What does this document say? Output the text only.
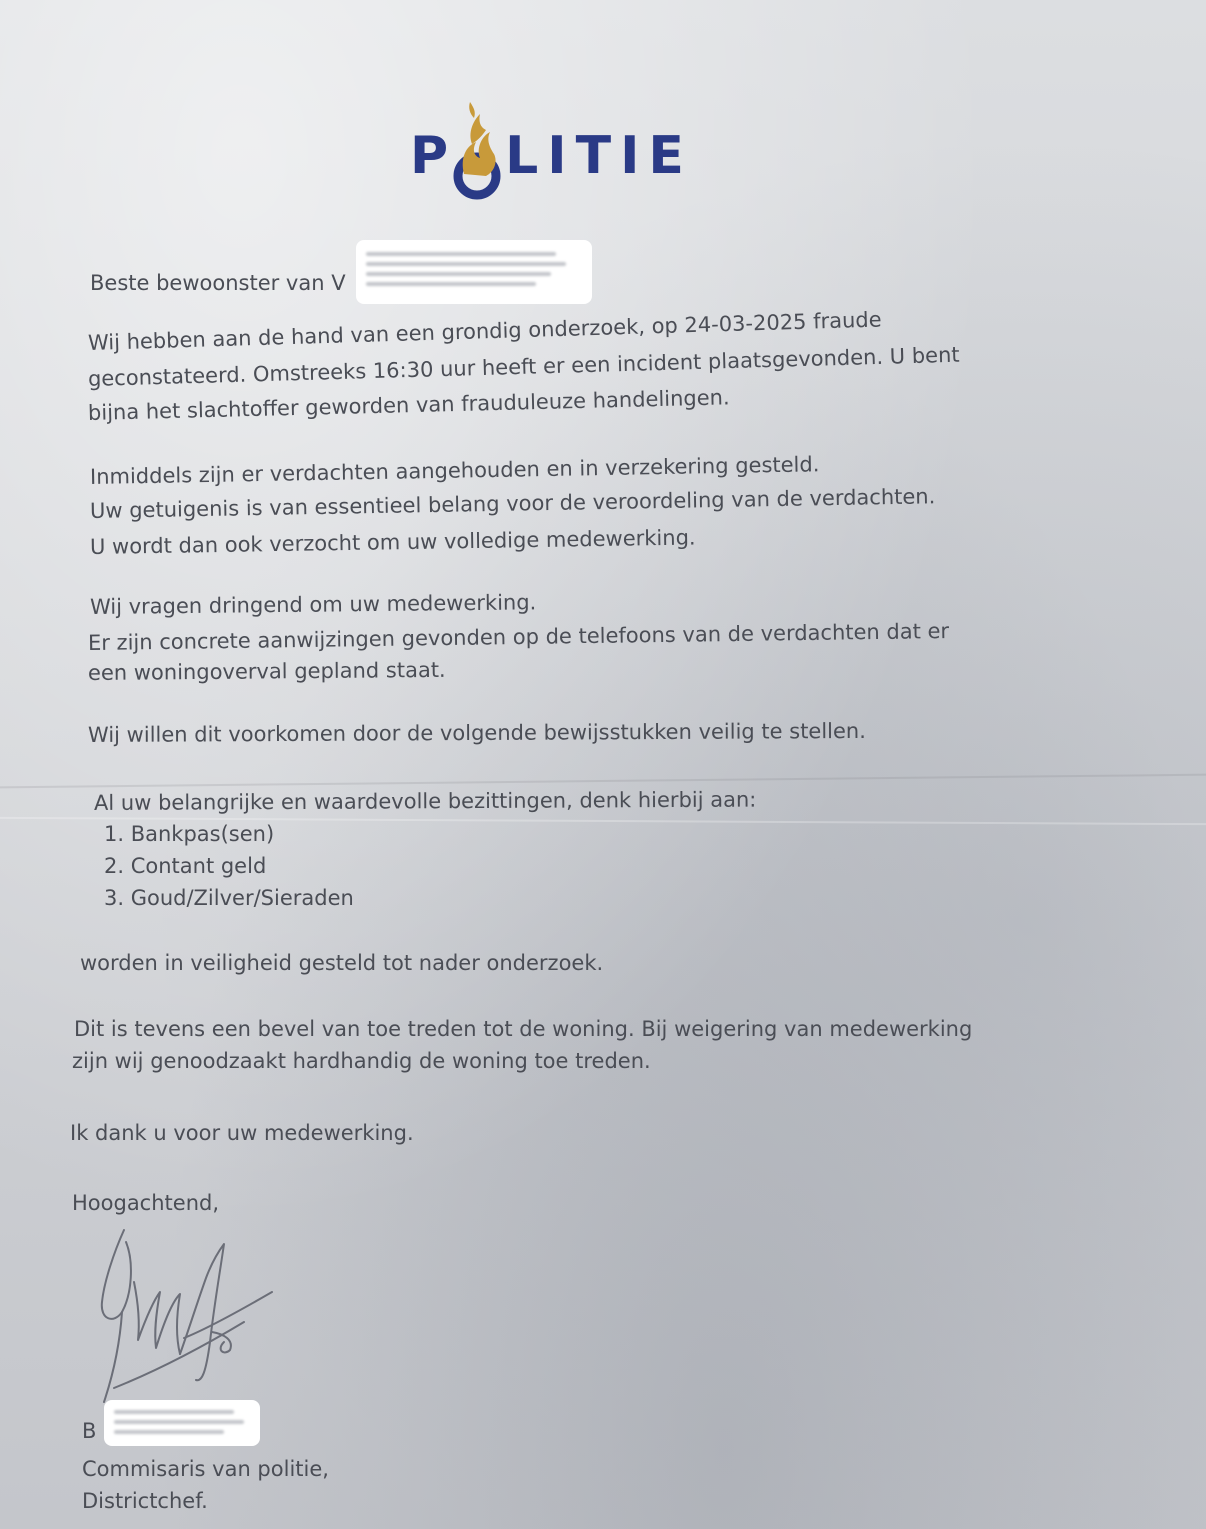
P LITIE

Beste bewoonster van V

Wij hebben aan de hand van een grondig onderzoek, op 24-03-2025 fraude

geconstateerd. Omstreeks 16:30 uur heeft er een incident plaatsgevonden. U bent

bijna het slachtoffer geworden van frauduleuze handelingen.

Inmiddels zijn er verdachten aangehouden en in verzekering gesteld.

Uw getuigenis is van essentieel belang voor de veroordeling van de verdachten.

U wordt dan ook verzocht om uw volledige medewerking.

Wij vragen dringend om uw medewerking.

Er zijn concrete aanwijzingen gevonden op de telefoons van de verdachten dat er

een woningoverval gepland staat.

Wij willen dit voorkomen door de volgende bewijsstukken veilig te stellen.

Al uw belangrijke en waardevolle bezittingen, denk hierbij aan:

1. Bankpas(sen)
2. Contant geld
3. Goud/Zilver/Sieraden

worden in veiligheid gesteld tot nader onderzoek.

Dit is tevens een bevel van toe treden tot de woning. Bij weigering van medewerking

zijn wij genoodzaakt hardhandig de woning toe treden.

Ik dank u voor uw medewerking.

Hoogachtend,

B

Commisaris van politie,

Districtchef.
